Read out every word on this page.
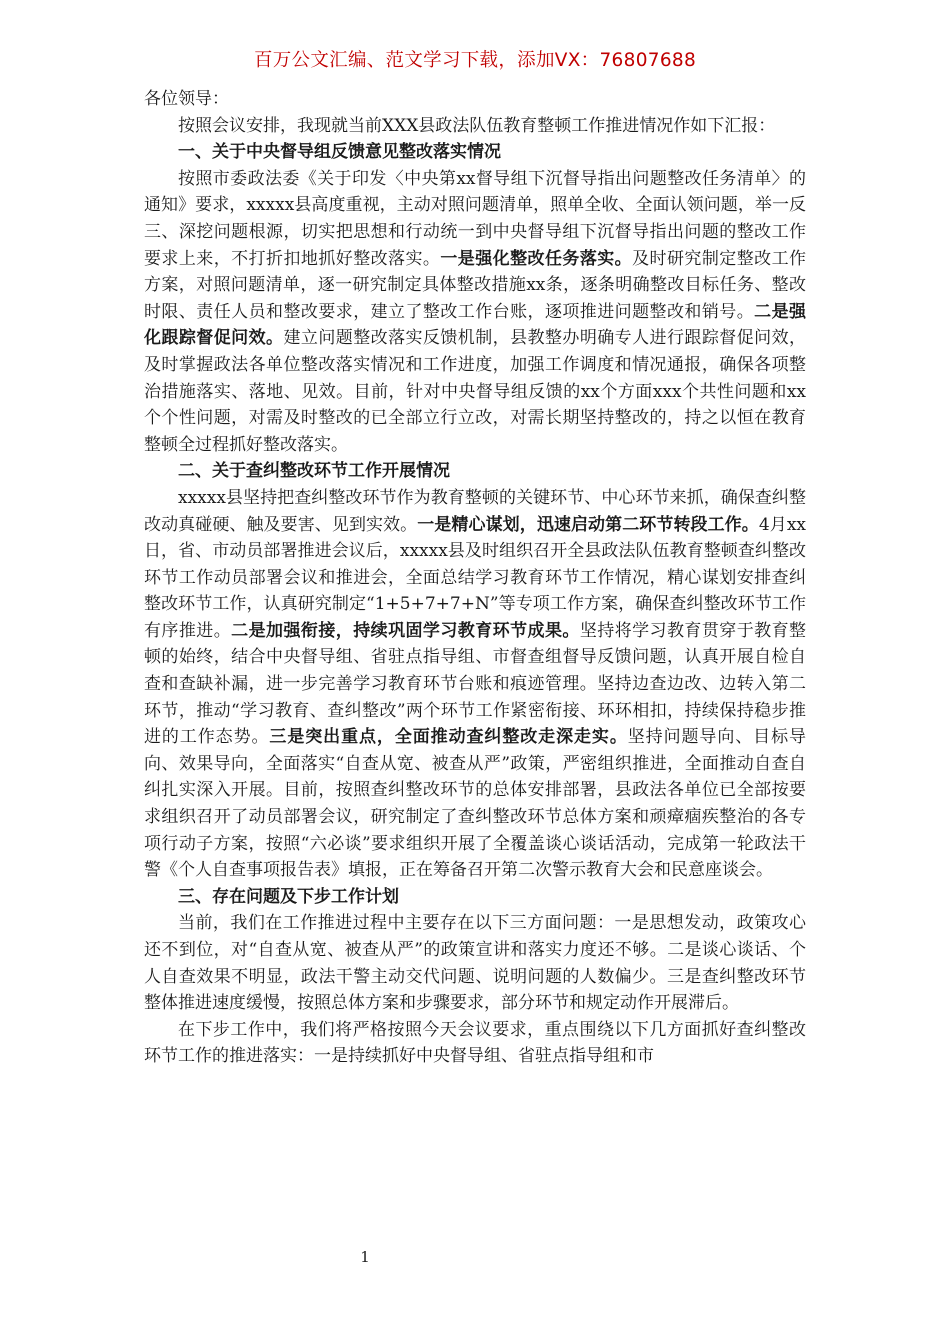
百万公文汇编、范文学习下载，添加VX：76807688

各位领导：

按照会议安排，我现就当前XXX县政法队伍教育整顿工作推进情况作如下汇报：

一、关于中央督导组反馈意见整改落实情况

按照市委政法委《关于印发〈中央第xx督导组下沉督导指出问题整改任务清单〉的通知》要求，xxxxx县高度重视，主动对照问题清单，照单全收、全面认领问题，举一反三、深挖问题根源，切实把思想和行动统一到中央督导组下沉督导指出问题的整改工作要求上来，不打折扣地抓好整改落实。一是强化整改任务落实。及时研究制定整改工作方案，对照问题清单，逐一研究制定具体整改措施xx条，逐条明确整改目标任务、整改时限、责任人员和整改要求，建立了整改工作台账，逐项推进问题整改和销号。二是强化跟踪督促问效。建立问题整改落实反馈机制，县教整办明确专人进行跟踪督促问效，及时掌握政法各单位整改落实情况和工作进度，加强工作调度和情况通报，确保各项整治措施落实、落地、见效。目前，针对中央督导组反馈的xx个方面xxx个共性问题和xx个个性问题，对需及时整改的已全部立行立改，对需长期坚持整改的，持之以恒在教育整顿全过程抓好整改落实。

二、关于查纠整改环节工作开展情况

xxxxx县坚持把查纠整改环节作为教育整顿的关键环节、中心环节来抓，确保查纠整改动真碰硬、触及要害、见到实效。一是精心谋划，迅速启动第二环节转段工作。4月xx日，省、市动员部署推进会议后，xxxxx县及时组织召开全县政法队伍教育整顿查纠整改环节工作动员部署会议和推进会，全面总结学习教育环节工作情况，精心谋划安排查纠整改环节工作，认真研究制定“1+5+7+7+N”等专项工作方案，确保查纠整改环节工作有序推进。二是加强衔接，持续巩固学习教育环节成果。坚持将学习教育贯穿于教育整顿的始终，结合中央督导组、省驻点指导组、市督查组督导反馈问题，认真开展自检自查和查缺补漏，进一步完善学习教育环节台账和痕迹管理。坚持边查边改、边转入第二环节，推动“学习教育、查纠整改”两个环节工作紧密衔接、环环相扣，持续保持稳步推进的工作态势。三是突出重点，全面推动查纠整改走深走实。坚持问题导向、目标导向、效果导向，全面落实“自查从宽、被查从严”政策，严密组织推进，全面推动自查自纠扎实深入开展。目前，按照查纠整改环节的总体安排部署，县政法各单位已全部按要求组织召开了动员部署会议，研究制定了查纠整改环节总体方案和顽瘴痼疾整治的各专项行动子方案，按照“六必谈”要求组织开展了全覆盖谈心谈话活动，完成第一轮政法干警《个人自查事项报告表》填报，正在筹备召开第二次警示教育大会和民意座谈会。

三、存在问题及下步工作计划

当前，我们在工作推进过程中主要存在以下三方面问题：一是思想发动，政策攻心还不到位，对“自查从宽、被查从严”的政策宣讲和落实力度还不够。二是谈心谈话、个人自查效果不明显，政法干警主动交代问题、说明问题的人数偏少。三是查纠整改环节整体推进速度缓慢，按照总体方案和步骤要求，部分环节和规定动作开展滞后。

在下步工作中，我们将严格按照今天会议要求，重点围绕以下几方面抓好查纠整改环节工作的推进落实：一是持续抓好中央督导组、省驻点指导组和市

1
